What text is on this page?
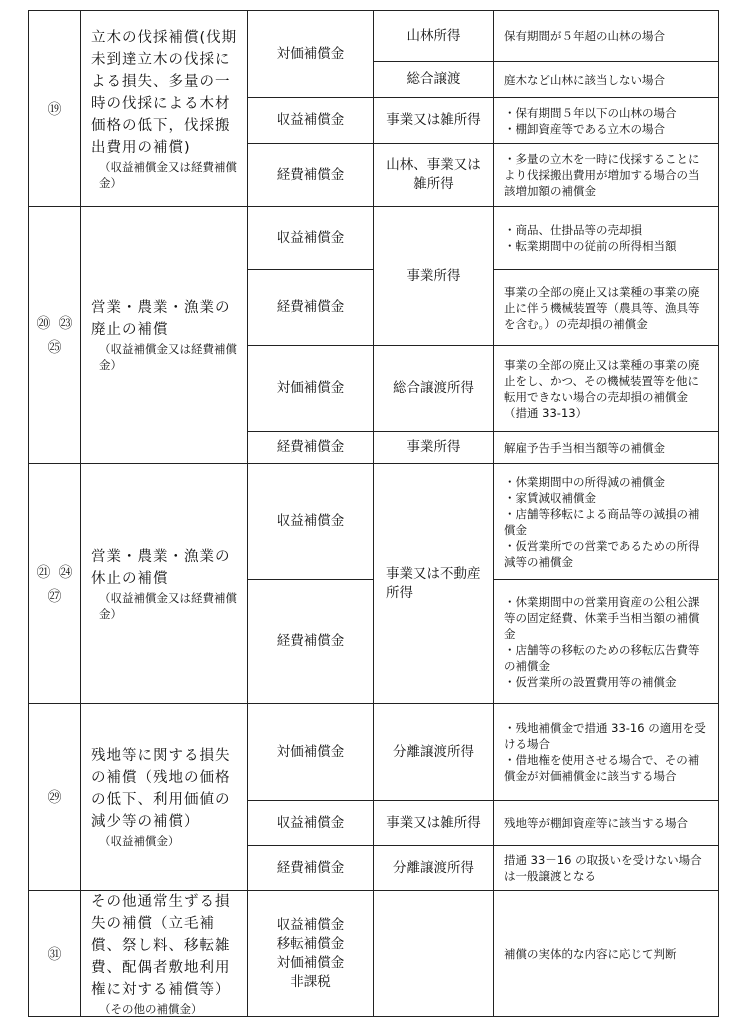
⑲
立木の伐採補償(伐期未到達立木の伐採による損失、多量の一時の伐採による木材価格の低下，伐採搬出費用の補償)
（収益補償金又は経費補償金）
対価補償金
収益補償金
経費補償金
山林所得
総合譲渡
事業又は雑所得
山林、事業又は雑所得
保有期間が５年超の山林の場合
庭木など山林に該当しない場合
・保有期間５年以下の山林の場合
・棚卸資産等である立木の場合
・多量の立木を一時に伐採することにより伐採搬出費用が増加する場合の当該増加額の補償金
⑳ ㉓
㉕
営業・農業・漁業の廃止の補償
（収益補償金又は経費補償金）
収益補償金
経費補償金
対価補償金
経費補償金
事業所得
総合譲渡所得
事業所得
・商品、仕掛品等の売却損
・転業期間中の従前の所得相当額
事業の全部の廃止又は業種の事業の廃止に伴う機械装置等（農具等、漁具等を含む。）の売却損の補償金
事業の全部の廃止又は業種の事業の廃止をし、かつ、その機械装置等を他に転用できない場合の売却損の補償金（措通 33-13）
解雇予告手当相当額等の補償金
㉑ ㉔
㉗
営業・農業・漁業の休止の補償
（収益補償金又は経費補償金）
収益補償金
経費補償金
事業又は不動産所得
・休業期間中の所得減の補償金
・家賃減収補償金
・店舗等移転による商品等の減損の補償金
・仮営業所での営業であるための所得減等の補償金
・休業期間中の営業用資産の公租公課等の固定経費、休業手当相当額の補償金
・店舗等の移転のための移転広告費等の補償金
・仮営業所の設置費用等の補償金
㉙
残地等に関する損失の補償（残地の価格の低下、利用価値の減少等の補償）
（収益補償金）
対価補償金
収益補償金
経費補償金
分離譲渡所得
事業又は雑所得
分離譲渡所得
・残地補償金で措通 33-16 の適用を受ける場合
・借地権を使用させる場合で、その補償金が対価補償金に該当する場合
残地等が棚卸資産等に該当する場合
措通 33－16 の取扱いを受けない場合は一般譲渡となる
㉛
その他通常生ずる損失の補償（立毛補償、祭し料、移転雑費、配偶者敷地利用権に対する補償等）
（その他の補償金）
収益補償金
移転補償金
対価補償金
非課税
補償の実体的な内容に応じて判断
